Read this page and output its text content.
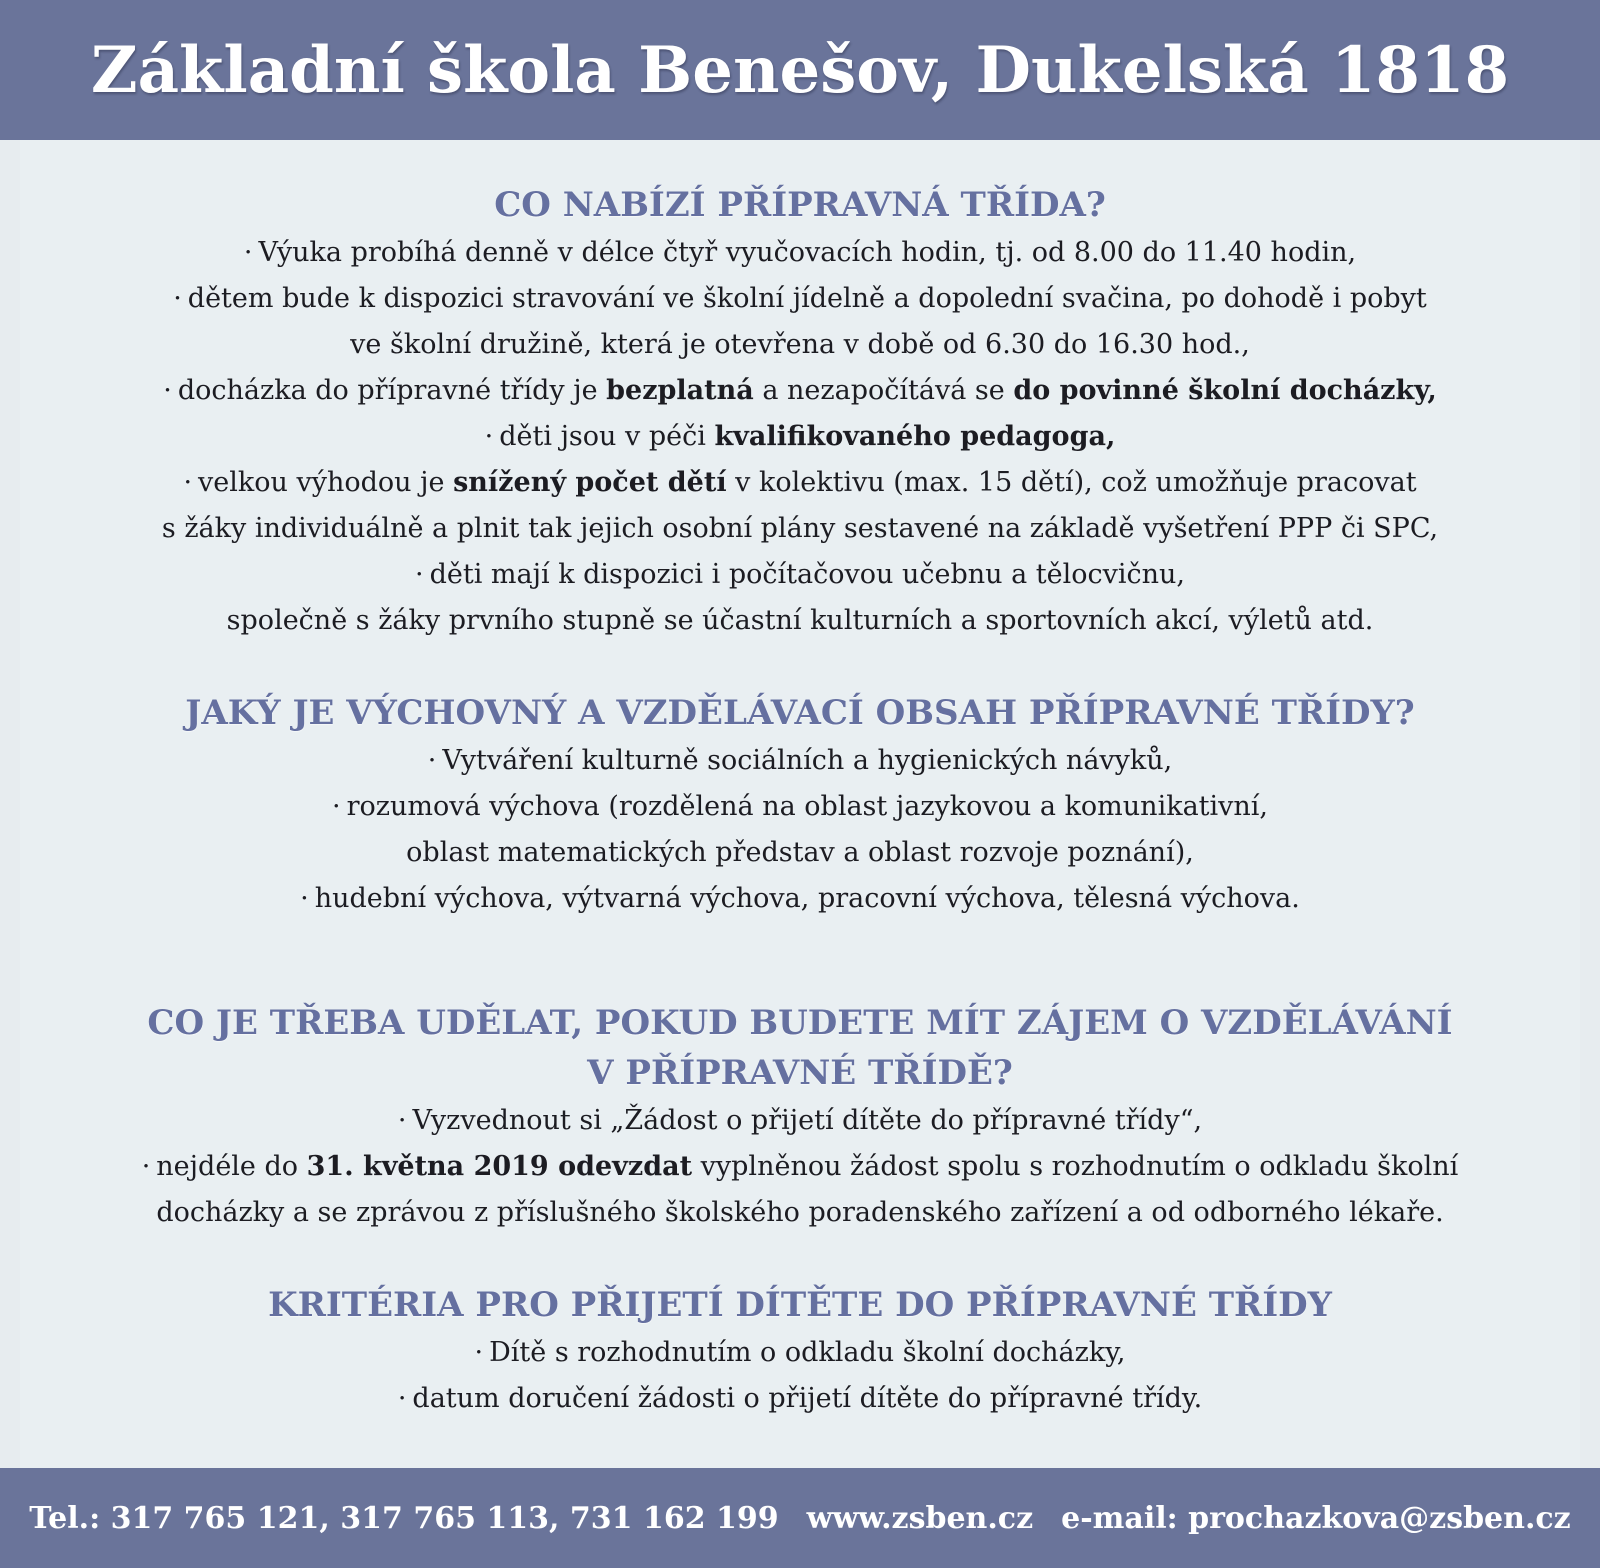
Základní škola Benešov, Dukelská 1818

CO NABÍZÍ PŘÍPRAVNÁ TŘÍDA?

· Výuka probíhá denně v délce čtyř vyučovacích hodin, tj. od 8.00 do 11.40 hodin,

· dětem bude k dispozici stravování ve školní jídelně a dopolední svačina, po dohodě i pobyt

ve školní družině, která je otevřena v době od 6.30 do 16.30 hod.,

· docházka do přípravné třídy je bezplatná a nezapočítává se do povinné školní docházky,

· děti jsou v péči kvalifikovaného pedagoga,

· velkou výhodou je snížený počet dětí v kolektivu (max. 15 dětí), což umožňuje pracovat

s žáky individuálně a plnit tak jejich osobní plány sestavené na základě vyšetření PPP či SPC,

· děti mají k dispozici i počítačovou učebnu a tělocvičnu,

společně s žáky prvního stupně se účastní kulturních a sportovních akcí, výletů atd.

JAKÝ JE VÝCHOVNÝ A VZDĚLÁVACÍ OBSAH PŘÍPRAVNÉ TŘÍDY?

· Vytváření kulturně sociálních a hygienických návyků,

· rozumová výchova (rozdělená na oblast jazykovou a komunikativní,

oblast matematických představ a oblast rozvoje poznání),

· hudební výchova, výtvarná výchova, pracovní výchova, tělesná výchova.

CO JE TŘEBA UDĚLAT, POKUD BUDETE MÍT ZÁJEM O VZDĚLÁVÁNÍ

V PŘÍPRAVNÉ TŘÍDĚ?

· Vyzvednout si „Žádost o přijetí dítěte do přípravné třídy“,

· nejdéle do 31. května 2019 odevzdat vyplněnou žádost spolu s rozhodnutím o odkladu školní

docházky a se zprávou z příslušného školského poradenského zařízení a od odborného lékaře.

KRITÉRIA PRO PŘIJETÍ DÍTĚTE DO PŘÍPRAVNÉ TŘÍDY

· Dítě s rozhodnutím o odkladu školní docházky,

· datum doručení žádosti o přijetí dítěte do přípravné třídy.

Tel.: 317 765 121, 317 765 113, 731 162 199 www.zsben.cz e-mail: prochazkova@zsben.cz
